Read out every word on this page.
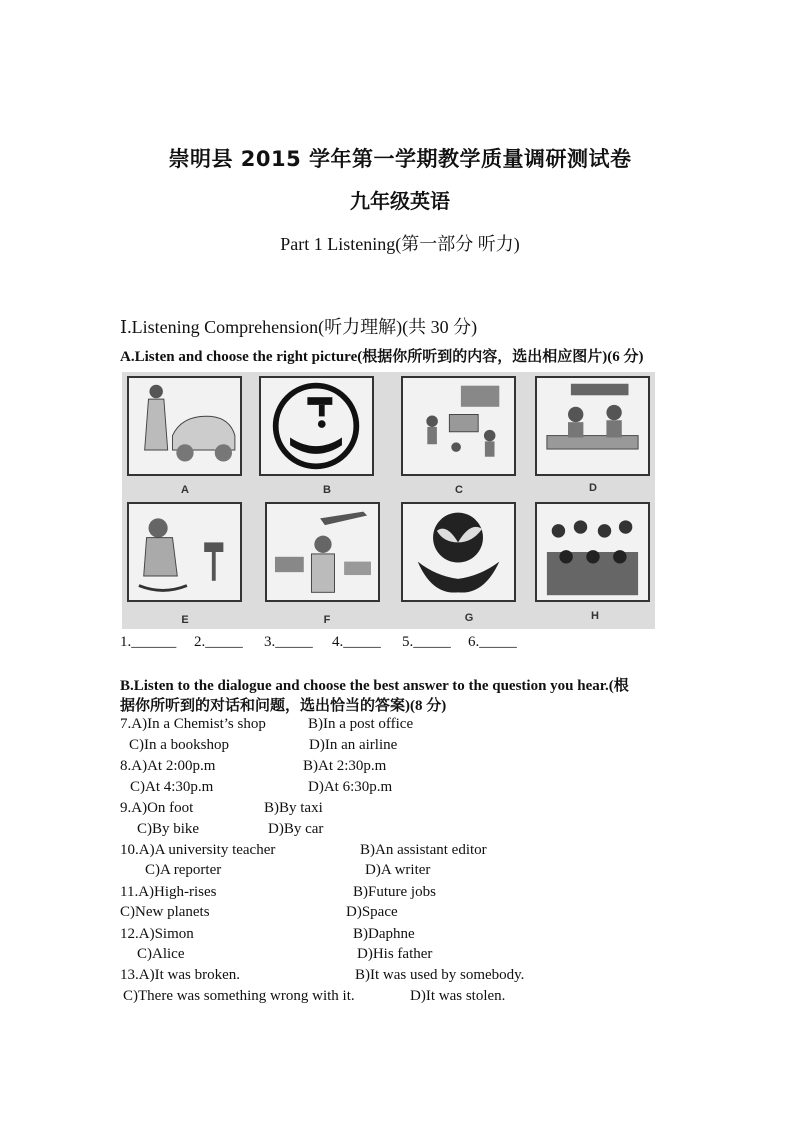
崇明县 2015 学年第一学期教学质量调研测试卷
九年级英语
Part 1 Listening(第一部分 听力)
Ⅰ.Listening Comprehension(听力理解)(共 30 分)
A.Listen and choose the right picture(根据你所听到的内容，选出相应图片)(6 分)
A	B	C	D
E	F	G	H
1.______ 2._____ 3._____ 4._____ 5._____ 6._____
B.Listen to the dialogue and choose the best answer to the question you hear.(根
据你所听到的对话和问题，选出恰当的答案)(8 分)
7.A)In a Chemist’s shop	B)In a post office
C)In a bookshop	D)In an airline
8.A)At 2:00p.m	B)At 2:30p.m
C)At 4:30p.m	D)At 6:30p.m
9.A)On foot	B)By taxi
C)By bike	D)By car
10.A)A university teacher	B)An assistant editor
C)A reporter	D)A writer
11.A)High-rises	B)Future jobs
C)New planets	D)Space
12.A)Simon	B)Daphne
C)Alice	D)His father
13.A)It was broken.	B)It was used by somebody.
C)There was something wrong with it.	D)It was stolen.
